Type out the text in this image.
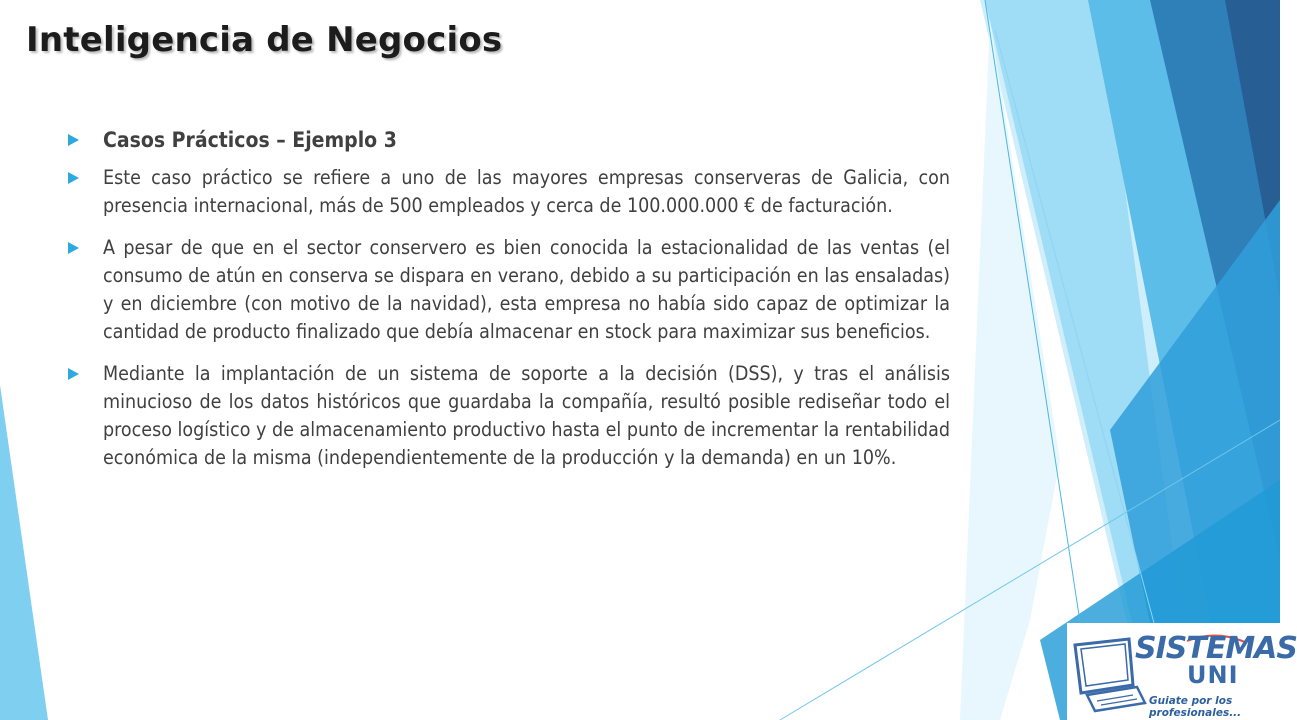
Inteligencia de Negocios
Casos Prácticos – Ejemplo 3
Este caso práctico se refiere a uno de las mayores empresas conserveras de Galicia, con presencia internacional, más de 500 empleados y cerca de 100.000.000 € de facturación.
A pesar de que en el sector conservero es bien conocida la estacionalidad de las ventas (el consumo de atún en conserva se dispara en verano, debido a su participación en las ensaladas) y en diciembre (con motivo de la navidad), esta empresa no había sido capaz de optimizar la cantidad de producto finalizado que debía almacenar en stock para maximizar sus beneficios.
Mediante la implantación de un sistema de soporte a la decisión (DSS), y tras el análisis minucioso de los datos históricos que guardaba la compañía, resultó posible rediseñar todo el proceso logístico y de almacenamiento productivo hasta el punto de incrementar la rentabilidad económica de la misma (independientemente de la producción y la demanda) en un 10%.
SISTEMAS
UNI
Guiate por los profesionales...
